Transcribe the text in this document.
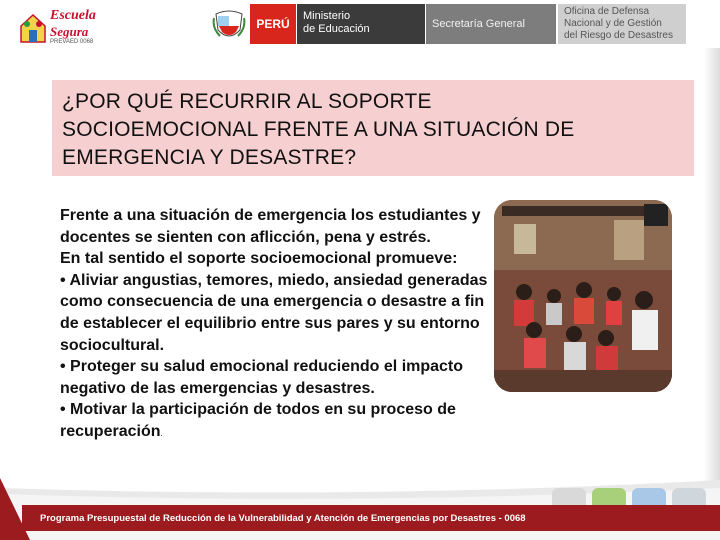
Escuela
Segura
PREVAED 0068
PERÚ
Ministerio
de Educación	Secretaría General
Oficina de Defensa
Nacional y de Gestión
del Riesgo de Desastres
¿POR QUÉ RECURRIR AL SOPORTE
SOCIOEMOCIONAL FRENTE A UNA SITUACIÓN DE
EMERGENCIA Y DESASTRE?

Frente a una situación de emergencia los estudiantes y docentes se sienten con aflicción, pena y estrés.

En tal sentido el soporte socioemocional promueve:

• Aliviar angustias, temores, miedo, ansiedad generadas como consecuencia de una emergencia o desastre a fin de establecer el equilibrio entre sus pares y su entorno sociocultural.

• Proteger su salud emocional reduciendo el impacto negativo de las emergencias y desastres.

• Motivar la participación de todos en su proceso de recuperación.

Programa Presupuestal de Reducción de la Vulnerabilidad y Atención de Emergencias por Desastres - 0068
